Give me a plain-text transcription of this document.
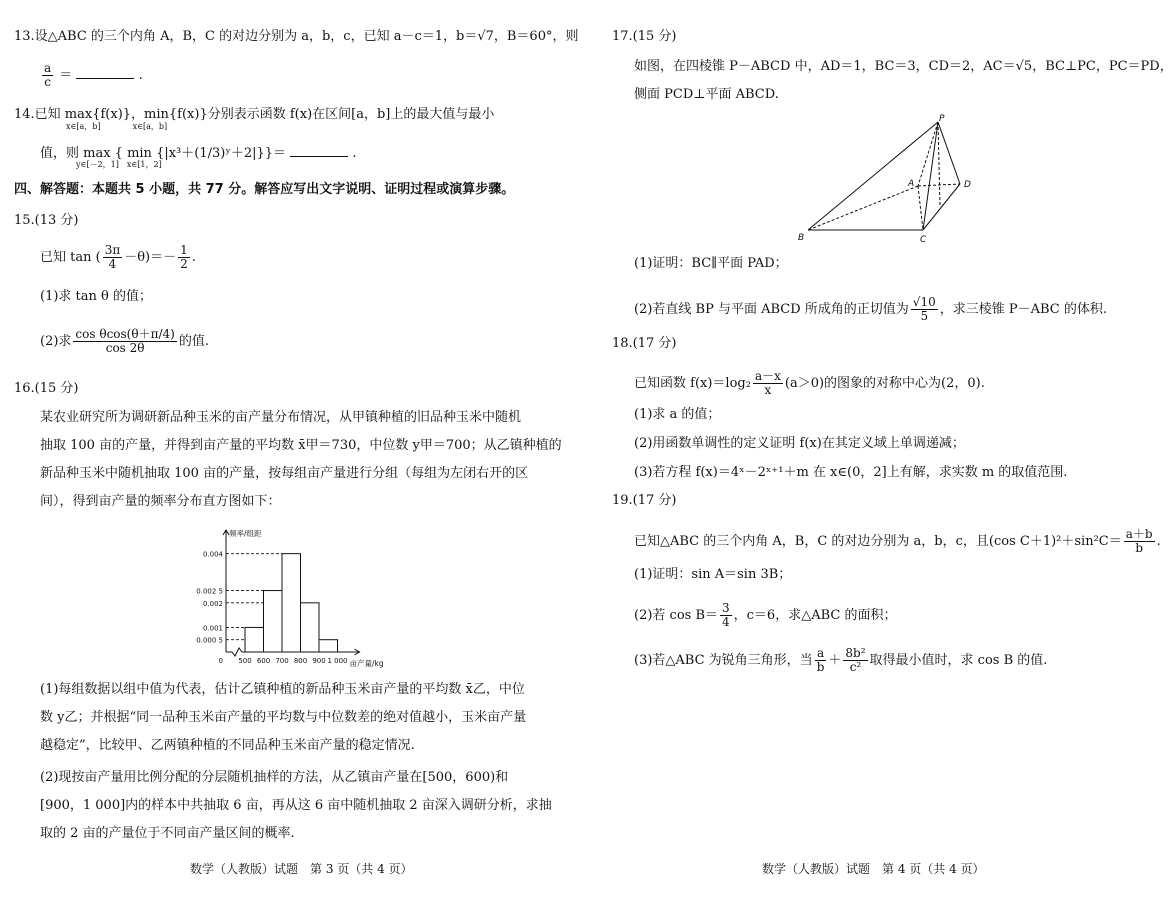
13.设△ABC 的三个内角 A，B，C 的对边分别为 a，b，c，已知 a－c＝1，b＝√7，B＝60°，则
$\frac{a}{c}$ ＝	.
14.已知 max{f(x)}，min{f(x)}分别表示函数 f(x)在区间[a，b]上的最大值与最小
x∈[a，b]　　　　x∈[a，b]
值，则 max { min {|x³＋(1/3)ʸ＋2|}}＝	.
y∈[－2，1]　x∈[1，2]
四、解答题：本题共 5 小题，共 77 分。解答应写出文字说明、证明过程或演算步骤。
15.(13 分)
已知 tan ( $\frac{3\pi}{4} -\theta)=- \frac{1}{2}$ .
(1)求 tan θ 的值；
(2)求 $\frac{\text{cos θcos(θ＋π/4)}}{\cos 2\theta}$ 的值.
16.(15 分)
某农业研究所为调研新品种玉米的亩产量分布情况，从甲镇种植的旧品种玉米中随机
抽取 100 亩的产量，并得到亩产量的平均数 x̄甲＝730，中位数 y甲＝700；从乙镇种植的
新品种玉米中随机抽取 100 亩的产量，按每组亩产量进行分组（每组为左闭右开的区
间），得到亩产量的频率分布直方图如下：
0.000 5
0.001
0.002
0.002 5
0.004
500 600 700 800 900 1 000
0
频率/组距
亩产量/kg
(1)每组数据以组中值为代表，估计乙镇种植的新品种玉米亩产量的平均数 x̄乙，中位
数 y乙；并根据“同一品种玉米亩产量的平均数与中位数差的绝对值越小，玉米亩产量
越稳定”，比较甲、乙两镇种植的不同品种玉米亩产量的稳定情况.
(2)现按亩产量用比例分配的分层随机抽样的方法，从乙镇亩产量在[500，600)和
[900，1 000]内的样本中共抽取 6 亩，再从这 6 亩中随机抽取 2 亩深入调研分析，求抽
取的 2 亩的产量位于不同亩产量区间的概率.
数学（人教版）试题　第 3 页（共 4 页）
17.(15 分)
如图，在四棱锥 P－ABCD 中，AD＝1，BC＝3，CD＝2，AC＝√5，BC⊥PC，PC＝PD，
侧面 PCD⊥平面 ABCD.
P
A
B	C
D
(1)证明：BC∥平面 PAD；
(2)若直线 BP 与平面 ABCD 所成角的正切值为 $\frac{√10}{5}$ ，求三棱锥 P－ABC 的体积.
18.(17 分)
已知函数 $f(x)=\log_2 \frac{a-x}{x} (a>0)$的图象的对称中心为(2，0).
(1)求 a 的值；
(2)用函数单调性的定义证明 f(x)在其定义域上单调递减；
(3)若方程 f(x)＝4ˣ－2ˣ⁺¹＋m 在 x∈(0，2]上有解，求实数 m 的取值范围.
19.(17 分)
已知△ABC 的三个内角 A，B，C 的对边分别为 a，b，c，且(cos $C+1)^2+\sin^2C= \frac{a+b}{b}$ .
(1)证明：sin A＝sin 3B；
(2)若 $\cos B= \frac{3}{4}$ ，c＝6，求△ABC 的面积；
(3)若△ABC 为锐角三角形，当 $\frac{a}{b} + \frac{\text{8b²}}{\text{c²}}$ 取得最小值时，求 cos B 的值.
数学（人教版）试题　第 4 页（共 4 页）
